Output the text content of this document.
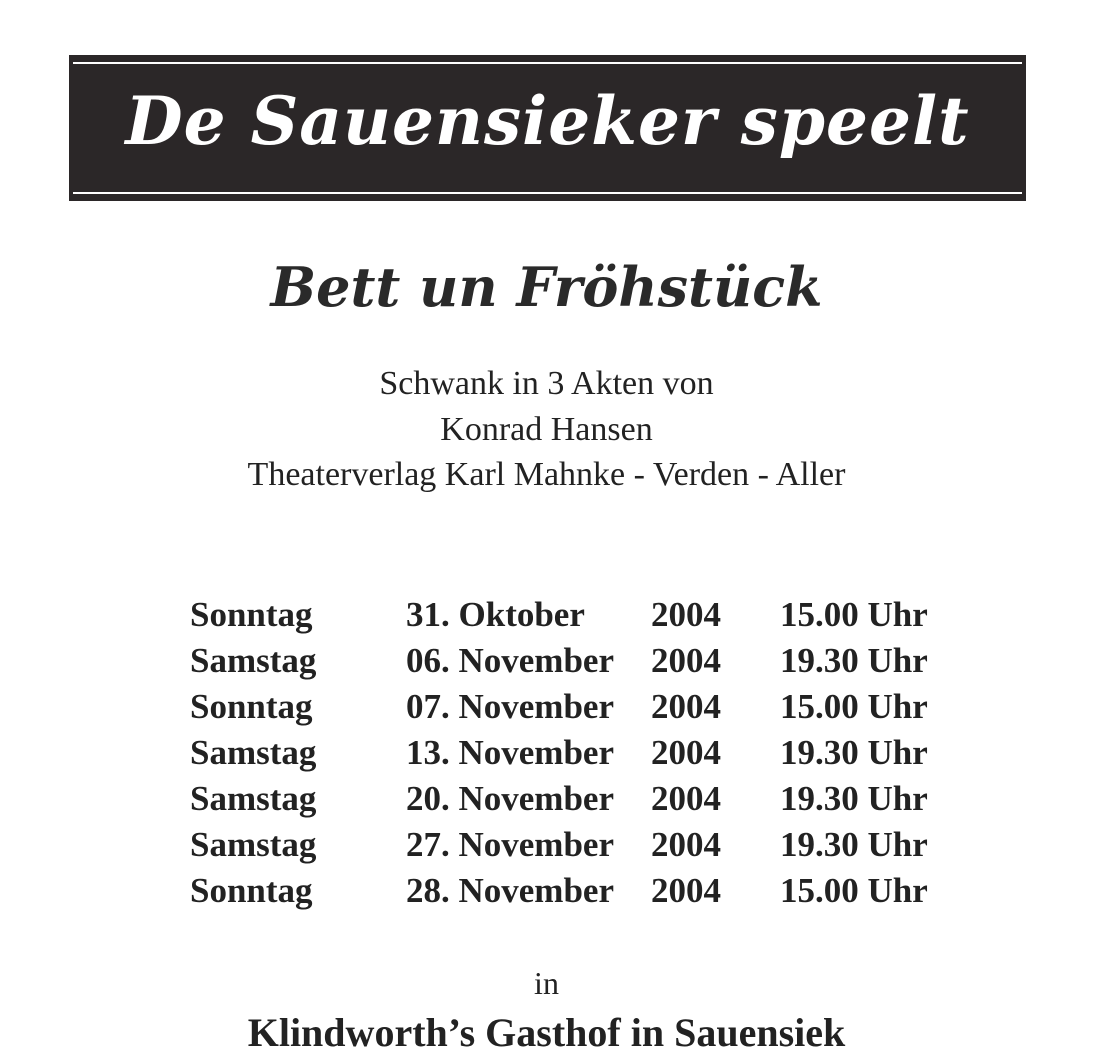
De Sauensieker speelt
Bett un Fröhstück
Schwank in 3 Akten von
Konrad Hansen
Theaterverlag Karl Mahnke - Verden - Aller
Sonntag	31. Oktober 2004 15.00 Uhr
Samstag	06. November 2004 19.30 Uhr
Sonntag	07. November 2004 15.00 Uhr
Samstag	13. November 2004 19.30 Uhr
Samstag	20. November 2004 19.30 Uhr
Samstag	27. November 2004 19.30 Uhr
Sonntag	28. November 2004 15.00 Uhr
in
Klindworth’s Gasthof in Sauensiek
